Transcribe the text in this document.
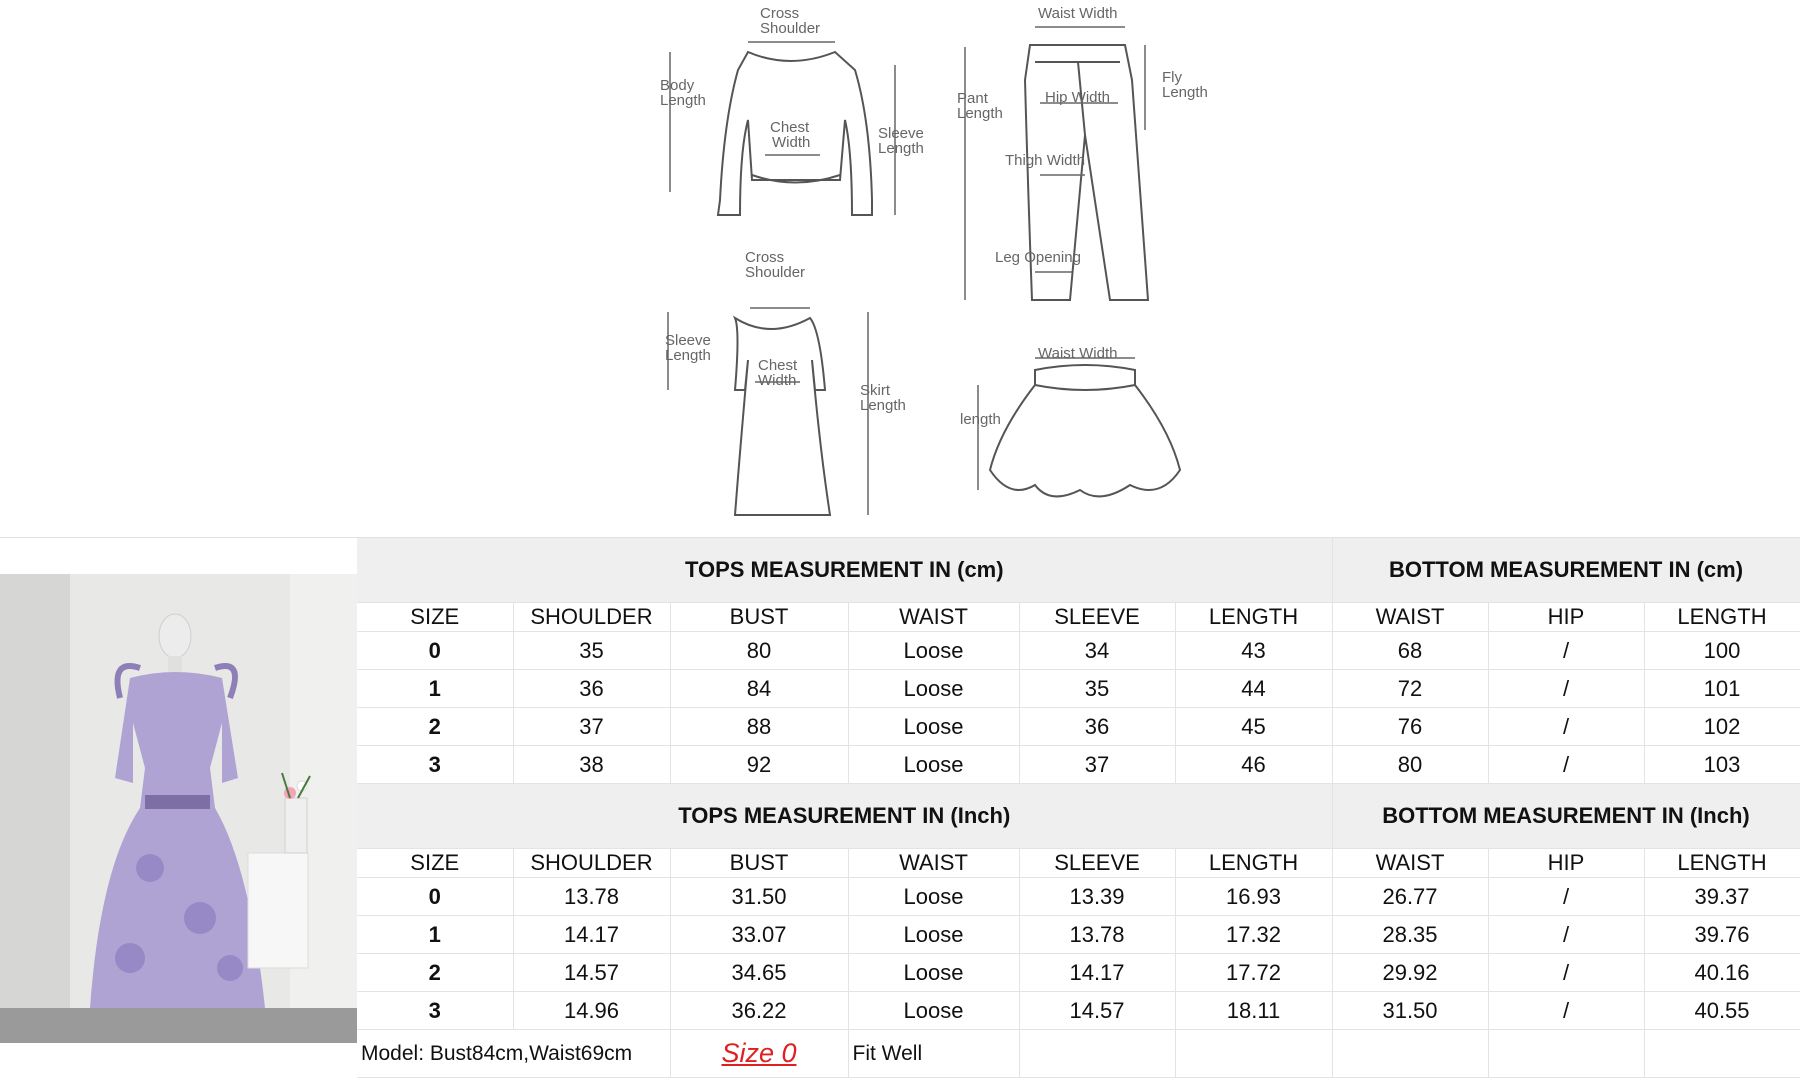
Cross
Shoulder
Body
Length
Chest
Width
Sleeve
Length
Cross
Shoulder
Sleeve
Length
Chest
Width
Skirt
Length
Waist Width
Pant
Length
Fly
Length
Hip Width
Thigh Width
Leg Opening
Waist Width
length
TOPS MEASUREMENT IN (cm)						BOTTOM MEASUREMENT IN (cm)		
SIZE	SHOULDER	BUST	WAIST	SLEEVE	LENGTH	WAIST	HIP	LENGTH
0	35	80	Loose	34	43	68	/	100
1	36	84	Loose	35	44	72	/	101
2	37	88	Loose	36	45	76	/	102
3	38	92	Loose	37	46	80	/	103
TOPS MEASUREMENT IN (Inch)						BOTTOM MEASUREMENT IN (Inch)		
SIZE	SHOULDER	BUST	WAIST	SLEEVE	LENGTH	WAIST	HIP	LENGTH
0	13.78	31.50	Loose	13.39	16.93	26.77	/	39.37
1	14.17	33.07	Loose	13.78	17.32	28.35	/	39.76
2	14.57	34.65	Loose	14.17	17.72	29.92	/	40.16
3	14.96	36.22	Loose	14.57	18.11	31.50	/	40.55
Model: Bust84cm,Waist69cm		Size 0	Fit Well					
